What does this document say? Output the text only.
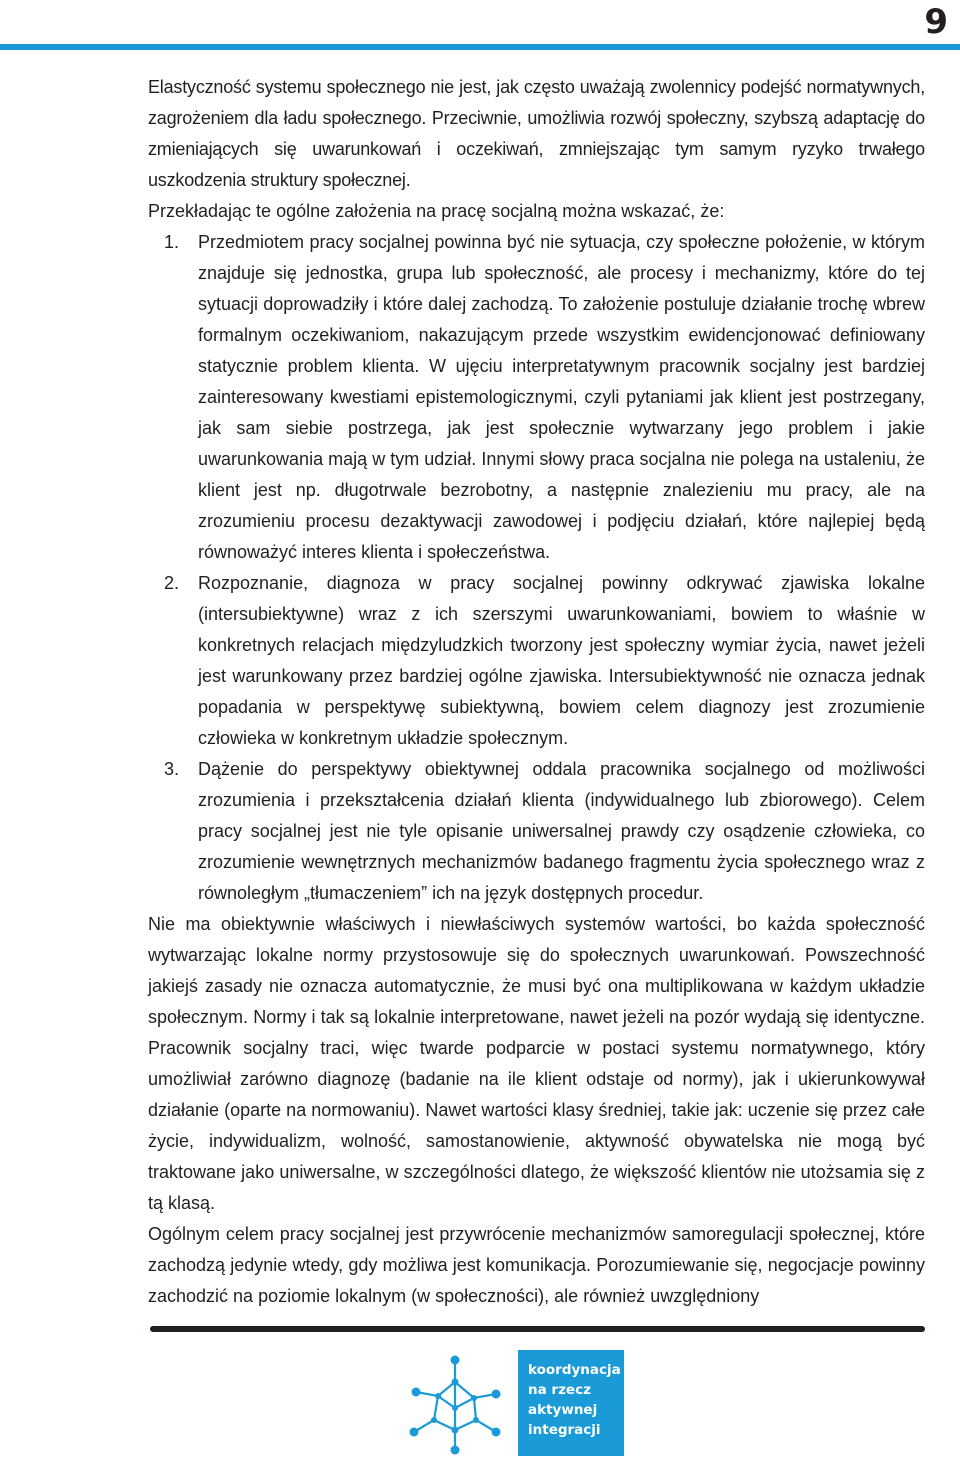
9

Elastyczność systemu społecznego nie jest, jak często uważają zwolennicy podejść normatywnych, zagrożeniem dla ładu społecznego. Przeciwnie, umożliwia rozwój społeczny, szybszą adaptację do zmieniających się uwarunkowań i oczekiwań, zmniejszając tym samym ryzyko trwałego uszkodzenia struktury społecznej.

Przekładając te ogólne założenia na pracę socjalną można wskazać, że:

Przedmiotem pracy socjalnej powinna być nie sytuacja, czy społeczne położenie, w którym znajduje się jednostka, grupa lub społeczność, ale procesy i mechanizmy, które do tej sytuacji doprowadziły i które dalej zachodzą. To założenie postuluje działanie trochę wbrew formalnym oczekiwaniom, nakazującym przede wszystkim ewidencjonować definiowany statycznie problem klienta. W ujęciu interpretatywnym pracownik socjalny jest bardziej zainteresowany kwestiami epistemologicznymi, czyli pytaniami jak klient jest postrzegany, jak sam siebie postrzega, jak jest społecznie wytwarzany jego problem i jakie uwarunkowania mają w tym udział. Innymi słowy praca socjalna nie polega na ustaleniu, że klient jest np. długotrwale bezrobotny, a następnie znalezieniu mu pracy, ale na zrozumieniu procesu dezaktywacji zawodowej i podjęciu działań, które najlepiej będą równoważyć interes klienta i społeczeństwa.
Rozpoznanie, diagnoza w pracy socjalnej powinny odkrywać zjawiska lokalne (intersubiektywne) wraz z ich szerszymi uwarunkowaniami, bowiem to właśnie w konkretnych relacjach międzyludzkich tworzony jest społeczny wymiar życia, nawet jeżeli jest warunkowany przez bardziej ogólne zjawiska. Intersubiektywność nie oznacza jednak popadania w perspektywę subiektywną, bowiem celem diagnozy jest zrozumienie człowieka w konkretnym układzie społecznym.
Dążenie do perspektywy obiektywnej oddala pracownika socjalnego od możliwości zrozumienia i przekształcenia działań klienta (indywidualnego lub zbiorowego). Celem pracy socjalnej jest nie tyle opisanie uniwersalnej prawdy czy osądzenie człowieka, co zrozumienie wewnętrznych mechanizmów badanego fragmentu życia społecznego wraz z równoległym „tłumaczeniem” ich na język dostępnych procedur.

Nie ma obiektywnie właściwych i niewłaściwych systemów wartości, bo każda społeczność wytwarzając lokalne normy przystosowuje się do społecznych uwarunkowań. Powszechność jakiejś zasady nie oznacza automatycznie, że musi być ona multiplikowana w każdym układzie społecznym. Normy i tak są lokalnie interpretowane, nawet jeżeli na pozór wydają się identyczne. Pracownik socjalny traci, więc twarde podparcie w postaci systemu normatywnego, który umożliwiał zarówno diagnozę (badanie na ile klient odstaje od normy), jak i ukierunkowywał działanie (oparte na normowaniu). Nawet wartości klasy średniej, takie jak: uczenie się przez całe życie, indywidualizm, wolność, samostanowienie, aktywność obywatelska nie mogą być traktowane jako uniwersalne, w szczególności dlatego, że większość klientów nie utożsamia się z tą klasą.

Ogólnym celem pracy socjalnej jest przywrócenie mechanizmów samoregulacji społecznej, które zachodzą jedynie wtedy, gdy możliwa jest komunikacja. Porozumiewanie się, negocjacje powinny zachodzić na poziomie lokalnym (w społeczności), ale również uwzględniony

koordynacja
na rzecz
aktywnej
integracji
